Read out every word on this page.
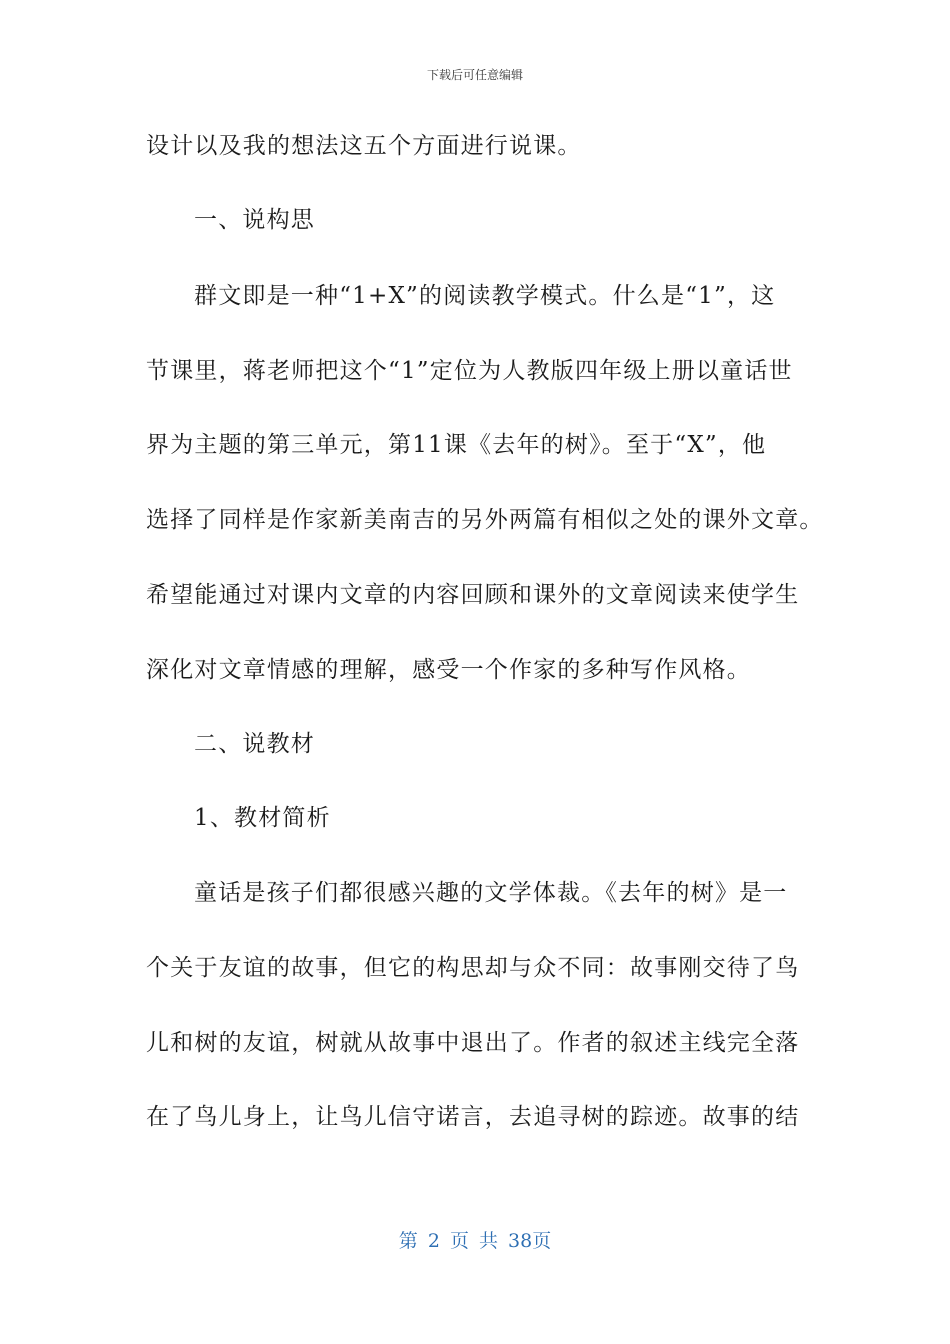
下载后可任意编辑
设计以及我的想法这五个方面进行说课。
一、说构思
群文即是一种“1+X”的阅读教学模式。什么是“1”，这
节课里，蒋老师把这个“1”定位为人教版四年级上册以童话世
界为主题的第三单元，第11课《去年的树》。至于“X”，他
选择了同样是作家新美南吉的另外两篇有相似之处的课外文章。
希望能通过对课内文章的内容回顾和课外的文章阅读来使学生
深化对文章情感的理解，感受一个作家的多种写作风格。
二、说教材
1、教材简析
童话是孩子们都很感兴趣的文学体裁。《去年的树》是一
个关于友谊的故事，但它的构思却与众不同：故事刚交待了鸟
儿和树的友谊，树就从故事中退出了。作者的叙述主线完全落
在了鸟儿身上，让鸟儿信守诺言，去追寻树的踪迹。故事的结
第 2 页 共 38页
